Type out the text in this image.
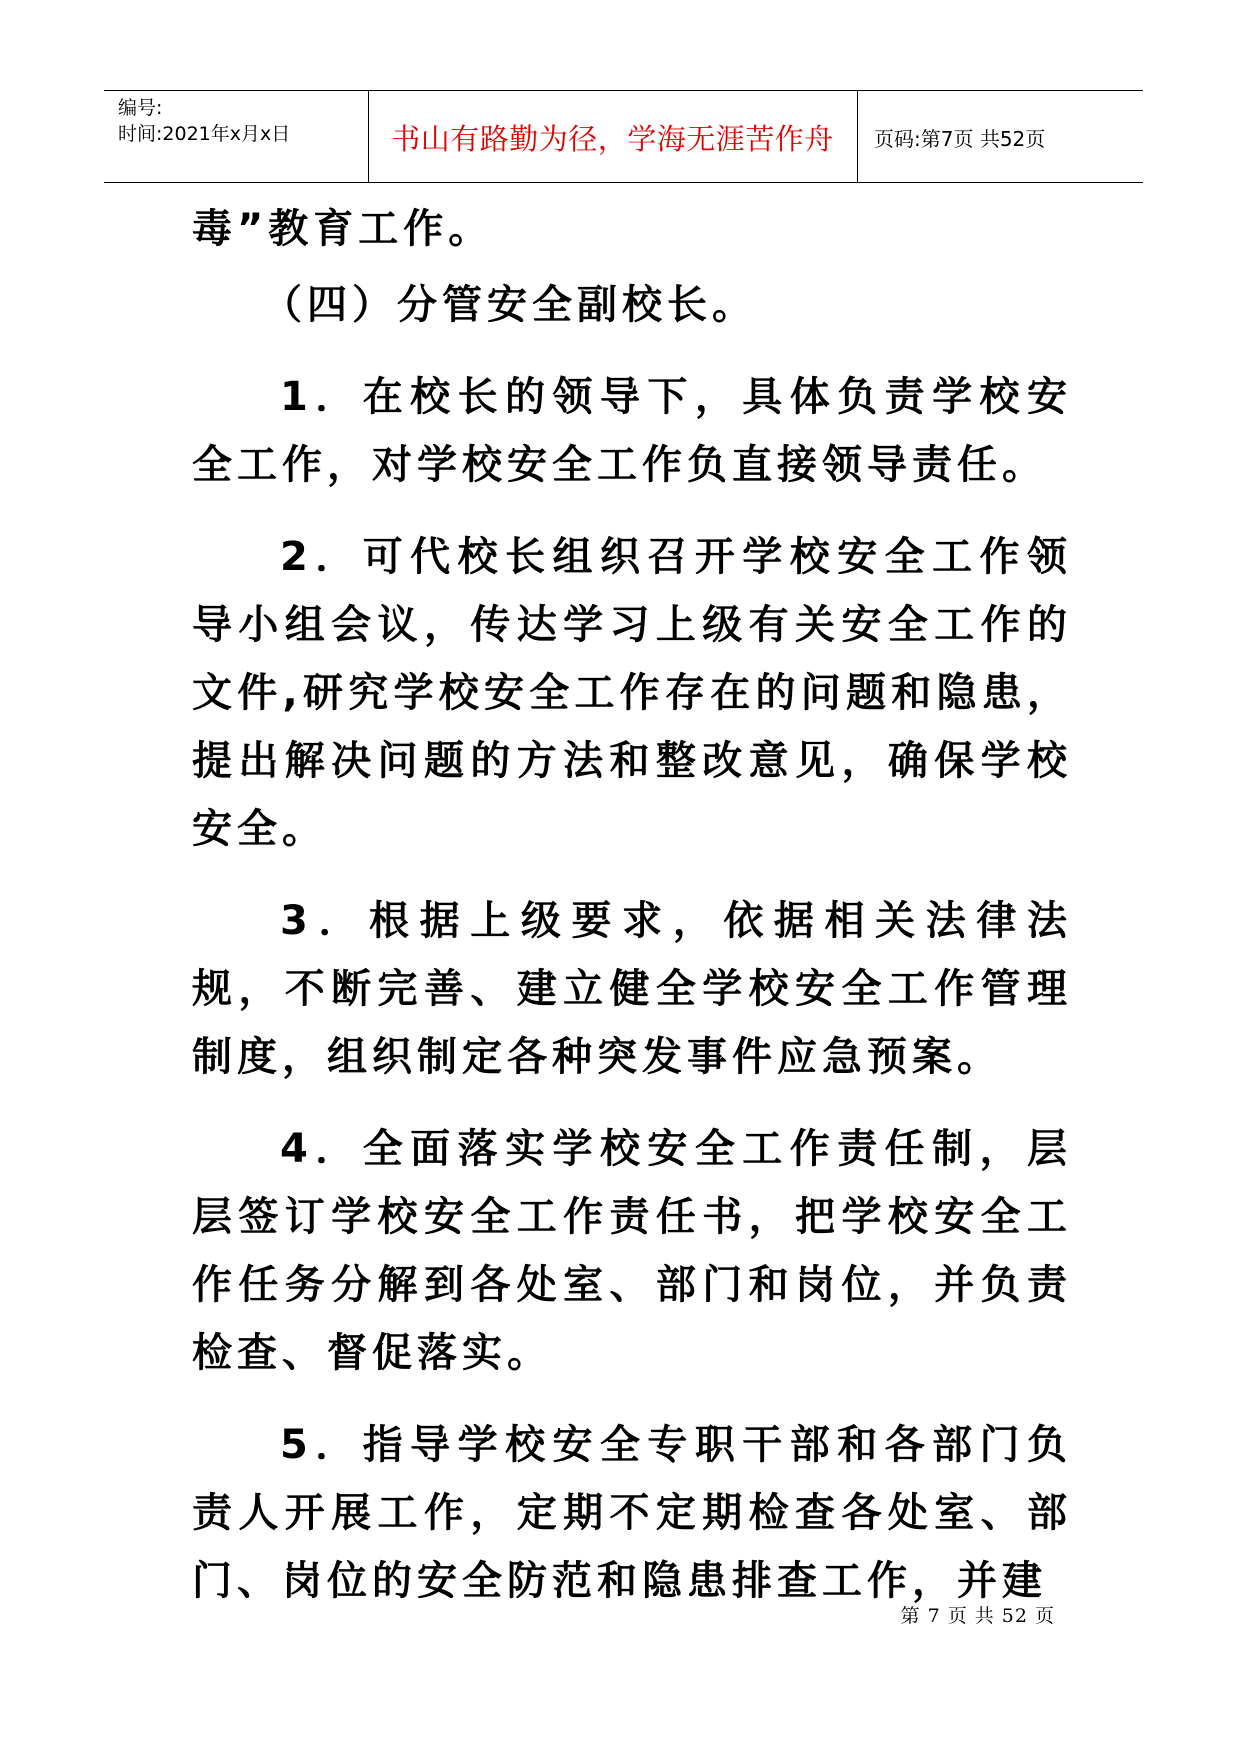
编号:
时间:2021年x月x日	书山有路勤为径，学海无涯苦作舟	页码:第7页 共52页

毒”教育工作。

（四）分管安全副校长。

1．在校长的领导下，具体负责学校安全工作，对学校安全工作负直接领导责任。

2．可代校长组织召开学校安全工作领导小组会议，传达学习上级有关安全工作的文件,研究学校安全工作存在的问题和隐患，提出解决问题的方法和整改意见，确保学校安全。

3．根据上级要求，依据相关法律法规，不断完善、建立健全学校安全工作管理制度，组织制定各种突发事件应急预案。

4．全面落实学校安全工作责任制，层层签订学校安全工作责任书，把学校安全工作任务分解到各处室、部门和岗位，并负责检查、督促落实。

5．指导学校安全专职干部和各部门负责人开展工作，定期不定期检查各处室、部门、岗位的安全防范和隐患排查工作，并建

第 7 页 共 52 页
